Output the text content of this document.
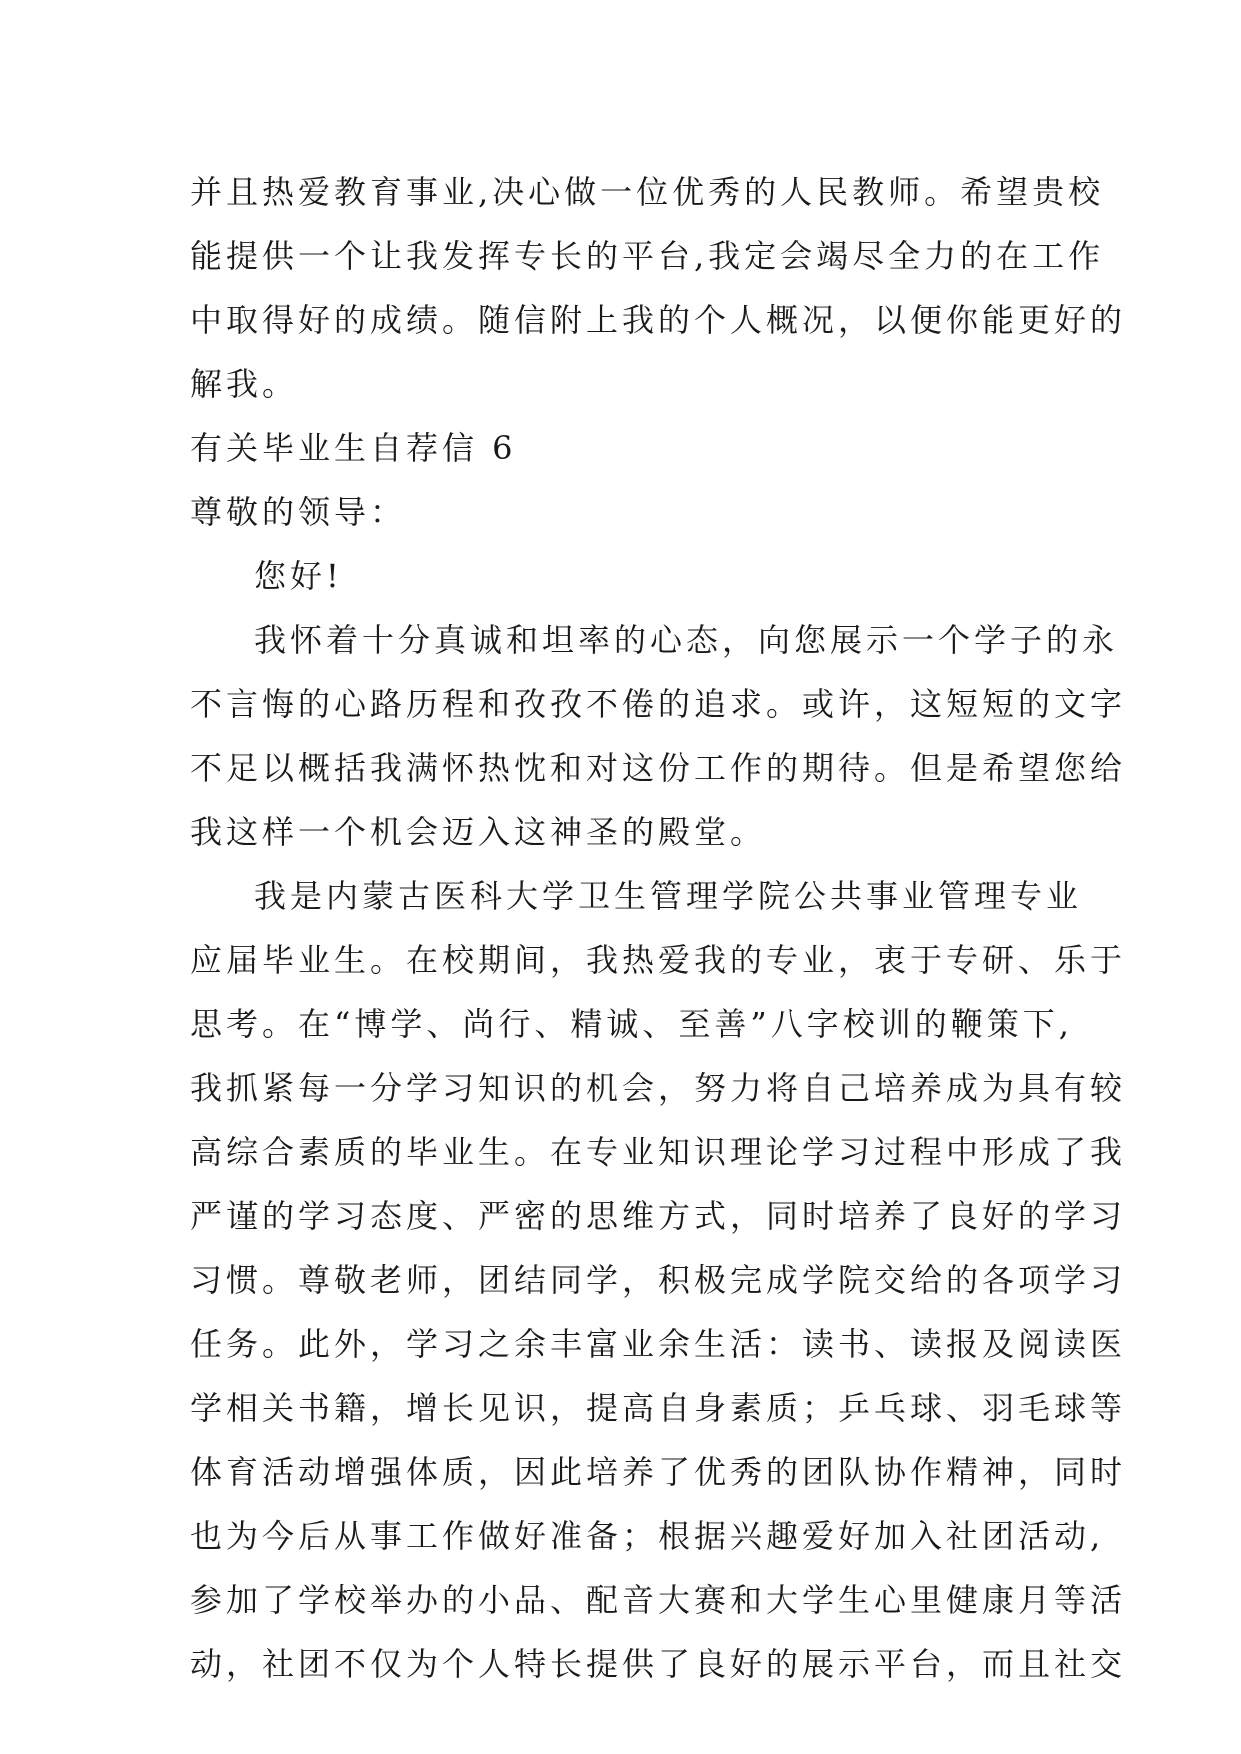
并且热爱教育事业,决心做一位优秀的人民教师。希望贵校
能提供一个让我发挥专长的平台,我定会竭尽全力的在工作
中取得好的成绩。随信附上我的个人概况，以便你能更好的
解我。
有关毕业生自荐信 6
尊敬的领导：
您好!
我怀着十分真诚和坦率的心态，向您展示一个学子的永
不言悔的心路历程和孜孜不倦的追求。或许，这短短的文字
不足以概括我满怀热忱和对这份工作的期待。但是希望您给
我这样一个机会迈入这神圣的殿堂。
我是内蒙古医科大学卫生管理学院公共事业管理专业
应届毕业生。在校期间，我热爱我的专业，衷于专研、乐于
思考。在“博学、尚行、精诚、至善”八字校训的鞭策下,
我抓紧每一分学习知识的机会，努力将自己培养成为具有较
高综合素质的毕业生。在专业知识理论学习过程中形成了我
严谨的学习态度、严密的思维方式，同时培养了良好的学习
习惯。尊敬老师，团结同学，积极完成学院交给的各项学习
任务。此外，学习之余丰富业余生活：读书、读报及阅读医
学相关书籍，增长见识，提高自身素质；乒乓球、羽毛球等
体育活动增强体质，因此培养了优秀的团队协作精神，同时
也为今后从事工作做好准备；根据兴趣爱好加入社团活动,
参加了学校举办的小品、配音大赛和大学生心里健康月等活
动，社团不仅为个人特长提供了良好的展示平台，而且社交
